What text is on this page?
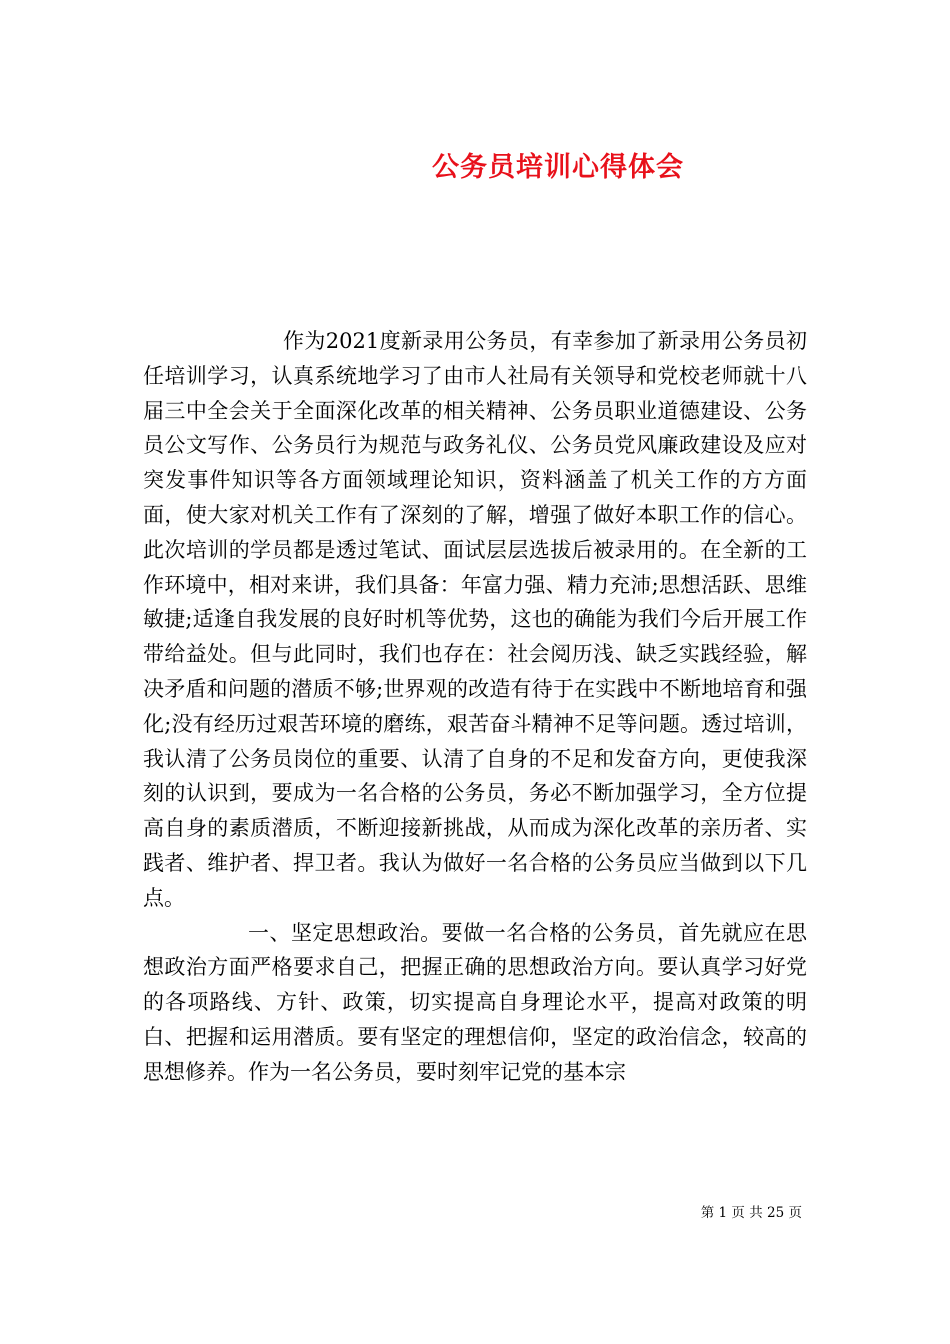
公务员培训心得体会

作为2021度新录用公务员，有幸参加了新录用公务员初任培训学习，认真系统地学习了由市人社局有关领导和党校老师就十八届三中全会关于全面深化改革的相关精神、公务员职业道德建设、公务员公文写作、公务员行为规范与政务礼仪、公务员党风廉政建设及应对突发事件知识等各方面领域理论知识，资料涵盖了机关工作的方方面面，使大家对机关工作有了深刻的了解，增强了做好本职工作的信心。此次培训的学员都是透过笔试、面试层层选拔后被录用的。在全新的工作环境中，相对来讲，我们具备：年富力强、精力充沛;思想活跃、思维敏捷;适逢自我发展的良好时机等优势，这也的确能为我们今后开展工作带给益处。但与此同时，我们也存在：社会阅历浅、缺乏实践经验，解决矛盾和问题的潜质不够;世界观的改造有待于在实践中不断地培育和强化;没有经历过艰苦环境的磨练，艰苦奋斗精神不足等问题。透过培训，我认清了公务员岗位的重要、认清了自身的不足和发奋方向，更使我深刻的认识到，要成为一名合格的公务员，务必不断加强学习，全方位提高自身的素质潜质，不断迎接新挑战，从而成为深化改革的亲历者、实践者、维护者、捍卫者。我认为做好一名合格的公务员应当做到以下几点。

一、坚定思想政治。要做一名合格的公务员，首先就应在思想政治方面严格要求自己，把握正确的思想政治方向。要认真学习好党的各项路线、方针、政策，切实提高自身理论水平，提高对政策的明白、把握和运用潜质。要有坚定的理想信仰，坚定的政治信念，较高的思想修养。作为一名公务员，要时刻牢记党的基本宗

第 1 页 共 25 页
